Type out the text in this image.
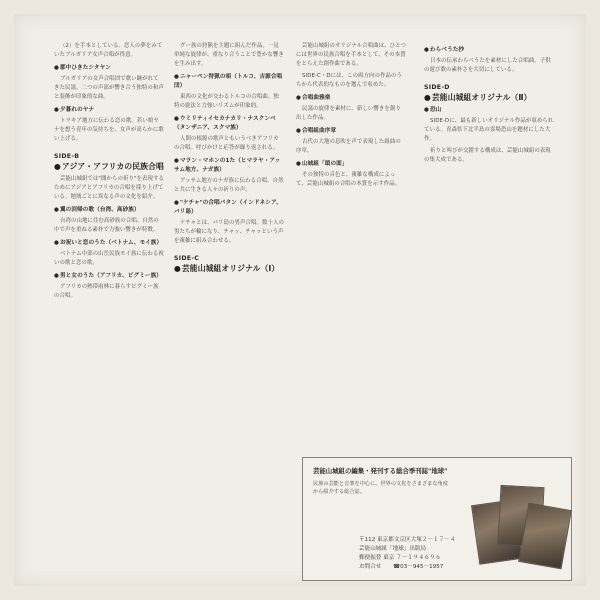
（2）を手本としている。恋人の夢をみていたブルガリア女声合唱が得意。

● 郡中ひきたシタヤン

ブルガリアの女声合唱団で歌い継がれてきた民謡。二つの声部が響き合う独特の和声と装飾が印象的な曲。

● 夕暮れのヤナ

トラキア地方に伝わる恋の歌。若い娘ヤナを想う青年の気持ちを、女声が高らかに歌い上げる。

SIDE-B
● アジア・アフリカの民族合唱

芸能山城組では"闇からの祈り"を表現するためにアジアとアフリカの合唱を採り上げている。地域ごとに異なる声の文化を紹介。

● 翼の回帰の歌（台湾、高砂族）

台湾の山地に住む高砂族の合唱。自然の中で声を重ねる素朴で力強い響きが特徴。

● お祝いと恋のうた（ベトナム、モイ族）

ベトナム中部の山岳民族モイ族に伝わる祝いの歌と恋の歌。

● 男と女のうた（アフリカ、ピグミー族）

アフリカの熱帯雨林に暮らすピグミー族の合唱。

グー族の狩猟を主題に組んだ作品。一見単純な旋律が、重なり合うことで豊かな響きを生み出す。

● ニャーペン狩猟の唄（トルコ、吉源合唱団）

東西の文化が交わるトルコの合唱曲。独特の旋法と力強いリズムが印象的。

● ウミリティイセカナカリ・ナスクンベ（タンザニア、スクマ族）

人間の根源の歌声ともいうべきアフリカの合唱。呼びかけと応答が繰り返される。

● マラン・マホンの1た（ヒマラヤ・アッサム地方、ナガ族）

アッサム地方のナガ族に伝わる合唱。自然と共に生きる人々の祈りの声。

● "ケチャ"の合唱パタン（インドネシア、バリ島）

ケチャとは、バリ島の男声合唱。数十人の男たちが輪になり、チャッ、チャッという声を複雑に組み合わせる。

SIDE-C
● 芸能山城組オリジナル（Ⅰ）

芸能山城組のオリジナル合唱曲は、ひとつには世界の民族合唱を手本として、その本質をとらえた創作曲である。

SIDE-C・Dには、この両方向の作品のうちから代表的なものを選んで収めた。

● 合唱曲雅楽

民謡の旋律を素材に、新しい響きを創り出した作品。

● 合唱組曲序章

古代の大地の息吹を声で表現した組曲の序章。

● 山城組「頌の面」

その独特の音色と、複雑な構成によって、芸能山城組の合唱の本質を示す作品。

● わらべうた抄

日本の伝承わらべうたを素材にした合唱曲。子供の遊び歌の素朴さを大切にしている。

SIDE-D
● 芸能山城組オリジナル（Ⅱ）
● 恐山

SIDE-Dに、最も新しいオリジナル作品が収められている。青森県下北半島の霊場恐山を題材にした大作。

祈りと叫びが交錯する構成は、芸能山城組の表現の集大成である。

芸能山城組の編集・発刊する総合季刊誌"地球"
民族の芸能と音楽を中心に、世界の文化をさまざまな角度から紹介する総合誌。
〒112 東京都文京区大塚２－１７－４
芸能山城組「地球」出版局
郵便振替 東京 ７－１９４６９６
お問合せ ☎03－945－1957
